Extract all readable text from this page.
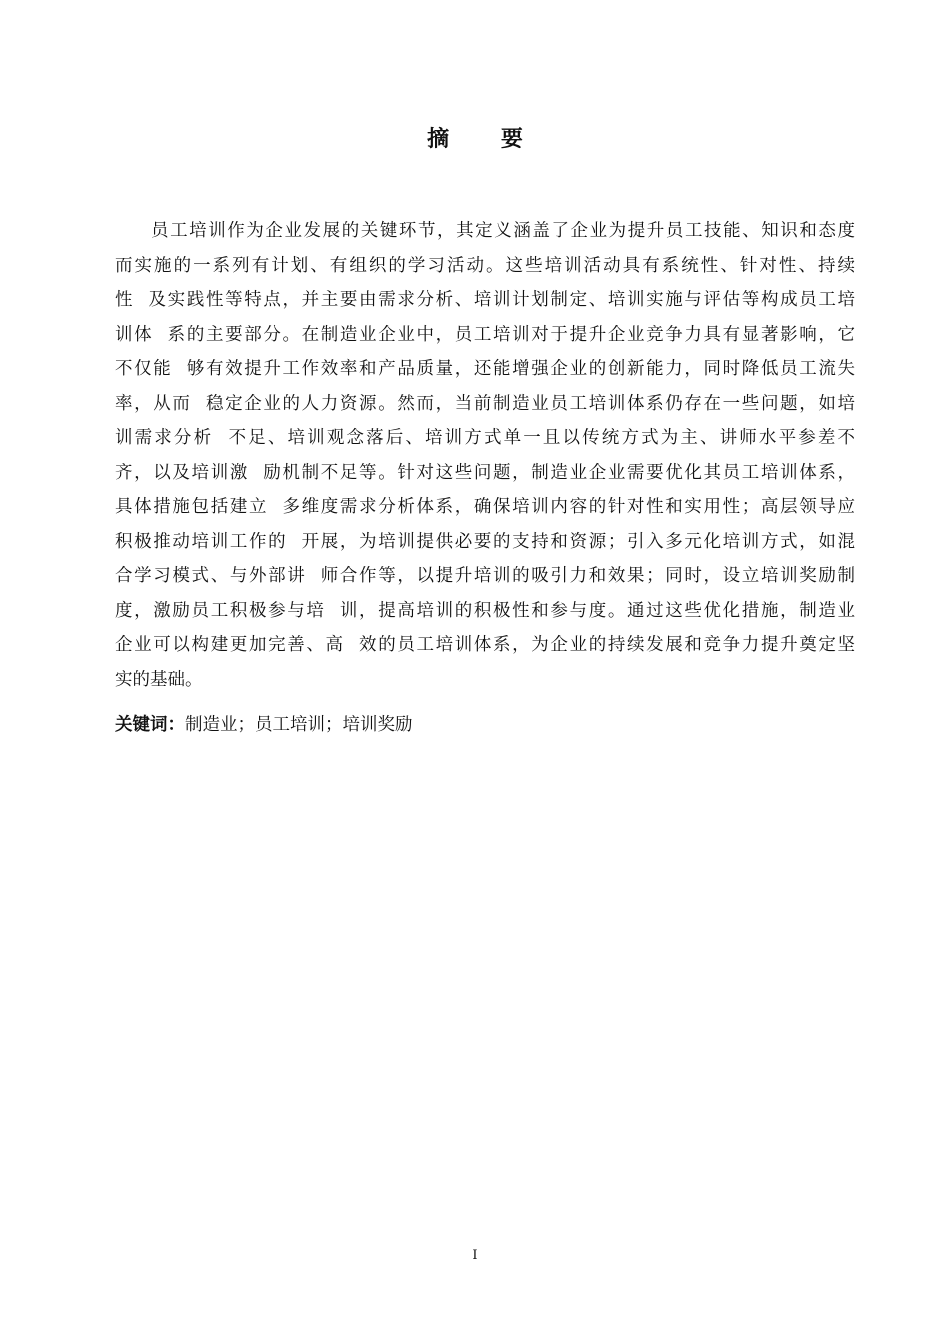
摘 要
员工培训作为企业发展的关键环节，其定义涵盖了企业为提升员工技能、知识和态度
而实施的一系列有计划、有组织的学习活动。这些培训活动具有系统性、针对性、持续
性  及实践性等特点，并主要由需求分析、培训计划制定、培训实施与评估等构成员工培
训体  系的主要部分。在制造业企业中，员工培训对于提升企业竞争力具有显著影响，它
不仅能  够有效提升工作效率和产品质量，还能增强企业的创新能力，同时降低员工流失
率，从而  稳定企业的人力资源。然而，当前制造业员工培训体系仍存在一些问题，如培
训需求分析  不足、培训观念落后、培训方式单一且以传统方式为主、讲师水平参差不
齐，以及培训激  励机制不足等。针对这些问题，制造业企业需要优化其员工培训体系，
具体措施包括建立  多维度需求分析体系，确保培训内容的针对性和实用性；高层领导应
积极推动培训工作的  开展，为培训提供必要的支持和资源；引入多元化培训方式，如混
合学习模式、与外部讲  师合作等，以提升培训的吸引力和效果；同时，设立培训奖励制
度，激励员工积极参与培  训，提高培训的积极性和参与度。通过这些优化措施，制造业
企业可以构建更加完善、高  效的员工培训体系，为企业的持续发展和竞争力提升奠定坚
实的基础。
关键词：制造业；员工培训；培训奖励
I
